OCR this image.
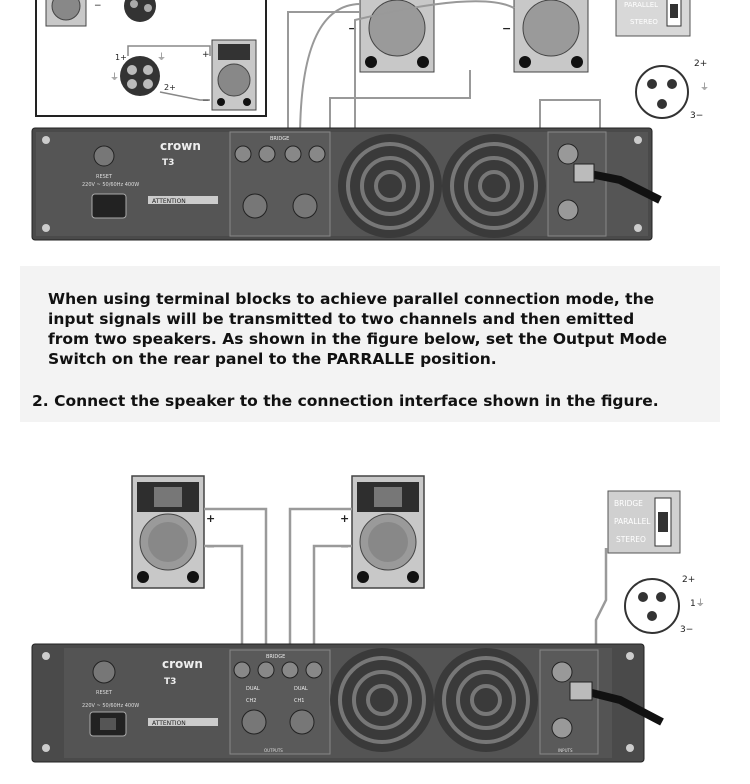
−
1+
2+
⏚
⏚
+
−
−	−
PARALLEL
STEREO
2+
⏚
3−
RESET
220V ~ 50/60Hz 400W
crown
T3
ATTENTION
BRIDGE
When using terminal blocks to achieve parallel connection mode, the
input signals will be transmitted to two channels and then emitted
from two speakers. As shown in the figure below, set the Output Mode
Switch on the rear panel to the PARRALLE position.
2. Connect the speaker to the connection interface shown in the figure.
+
−
+
−
BRIDGE
PARALLEL
STEREO
2+
1⏚
3−
RESET
220V ~ 50/60Hz 400W
crown
T3
ATTENTION
BRIDGE
DUAL	DUAL
CH2	CH1
OUTPUTS	INPUTS
